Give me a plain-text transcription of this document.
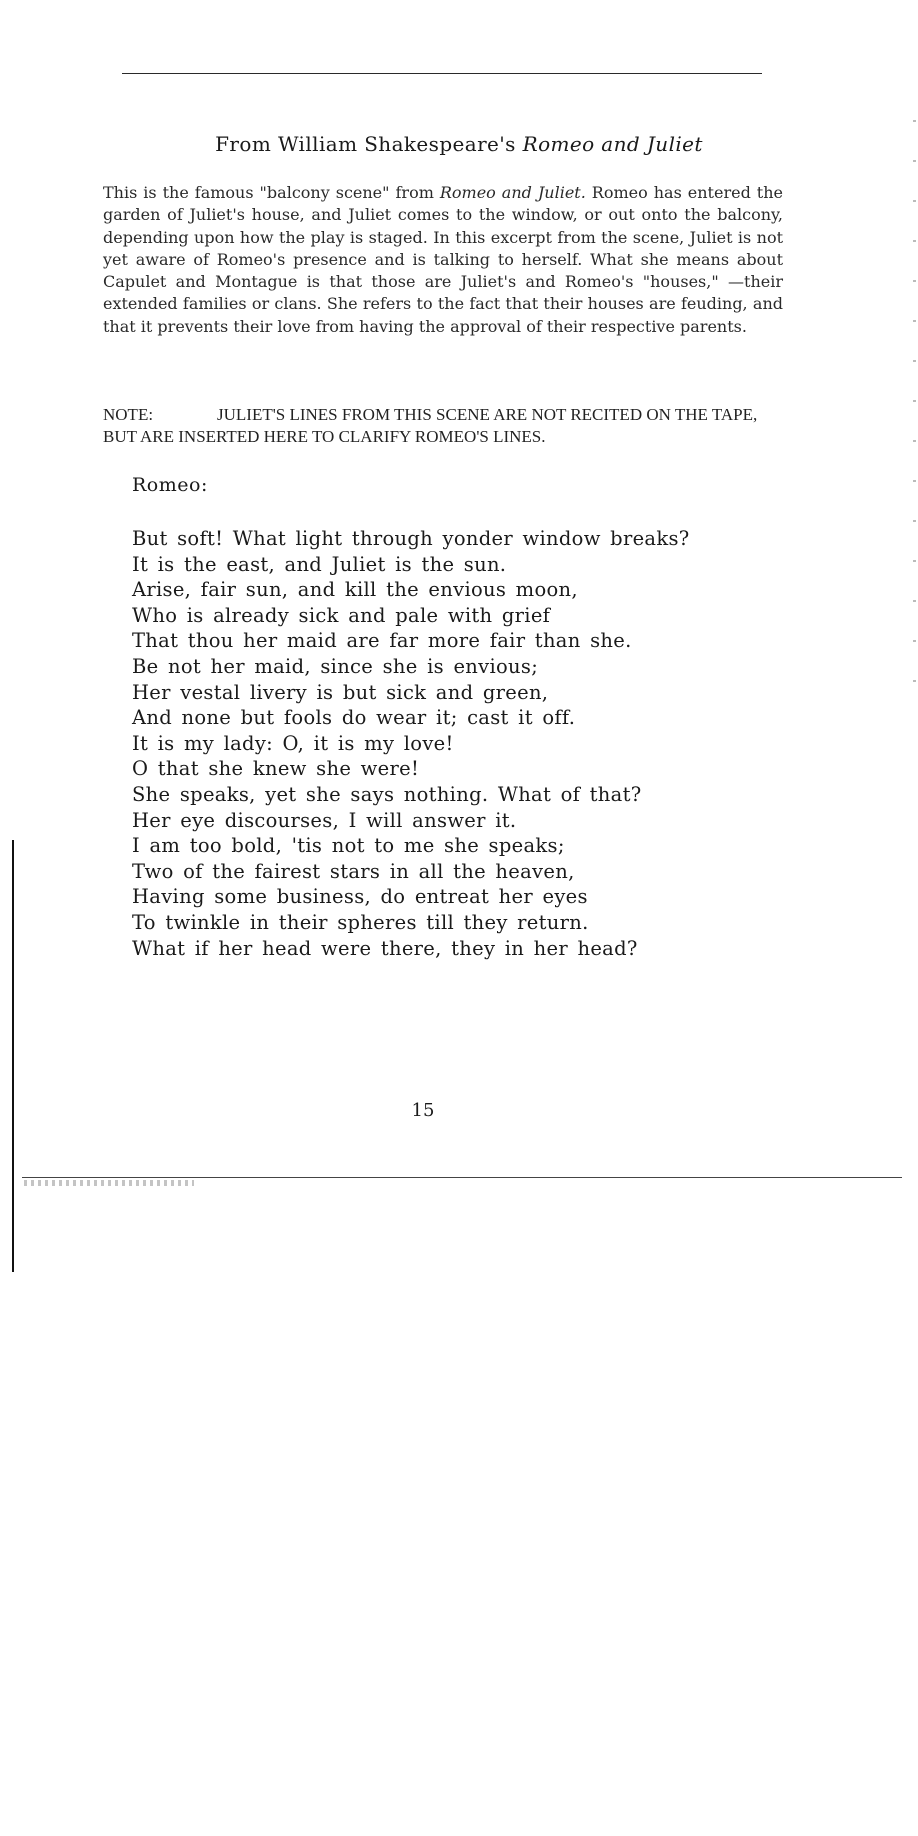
From William Shakespeare's Romeo and Juliet

This is the famous "balcony scene" from Romeo and Juliet. Romeo has entered the garden of Juliet's house, and Juliet comes to the window, or out onto the balcony, depending upon how the play is staged. In this excerpt from the scene, Juliet is not yet aware of Romeo's presence and is talking to herself. What she means about Capulet and Montague is that those are Juliet's and Romeo's "houses," —their extended families or clans. She refers to the fact that their houses are feuding, and that it prevents their love from having the approval of their respective parents.

NOTE:	JULIET'S LINES FROM THIS SCENE ARE NOT RECITED ON THE TAPE, BUT ARE INSERTED HERE TO CLARIFY ROMEO'S LINES.

Romeo:
But soft! What light through yonder window breaks?
It is the east, and Juliet is the sun.
Arise, fair sun, and kill the envious moon,
Who is already sick and pale with grief
That thou her maid are far more fair than she.
Be not her maid, since she is envious;
Her vestal livery is but sick and green,
And none but fools do wear it; cast it off.
It is my lady: O, it is my love!
O that she knew she were!
She speaks, yet she says nothing. What of that?
Her eye discourses, I will answer it.
I am too bold, 'tis not to me she speaks;
Two of the fairest stars in all the heaven,
Having some business, do entreat her eyes
To twinkle in their spheres till they return.
What if her head were there, they in her head?
15
